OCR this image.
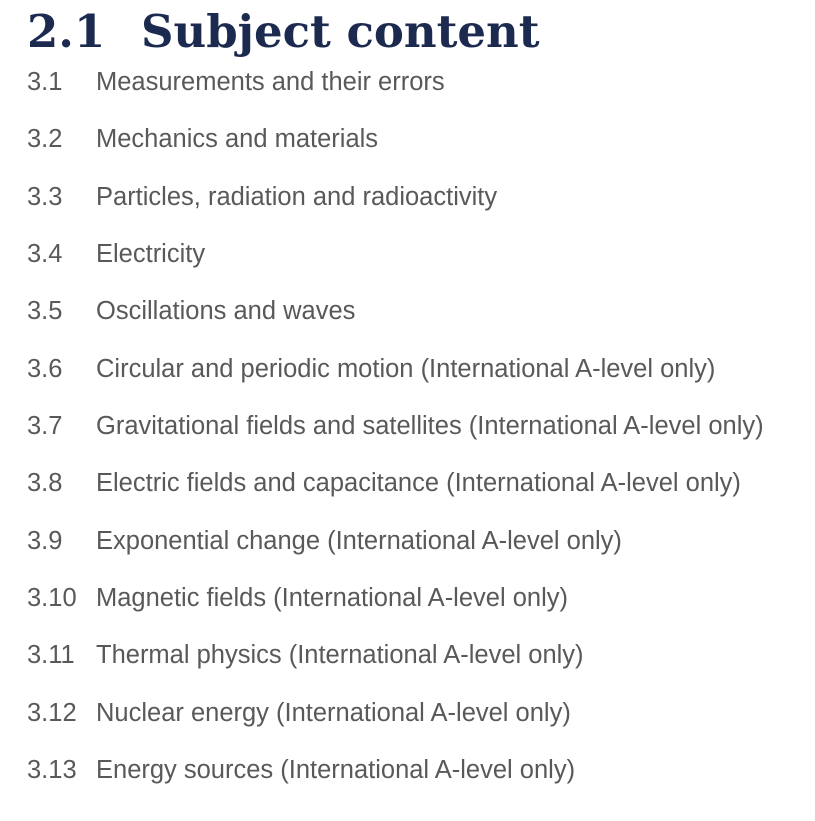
2.1 Subject content
3.1 Measurements and their errors
3.2 Mechanics and materials
3.3 Particles, radiation and radioactivity
3.4 Electricity
3.5 Oscillations and waves
3.6 Circular and periodic motion (International A-level only)
3.7 Gravitational fields and satellites (International A-level only)
3.8 Electric fields and capacitance (International A-level only)
3.9 Exponential change (International A-level only)
3.10 Magnetic fields (International A-level only)
3.11 Thermal physics (International A-level only)
3.12 Nuclear energy (International A-level only)
3.13 Energy sources (International A-level only)
